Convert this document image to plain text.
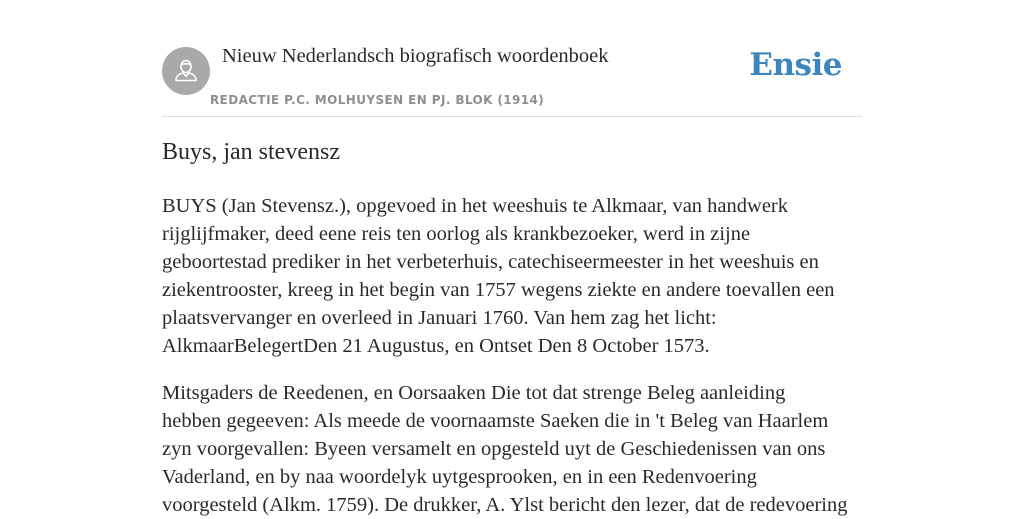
Nieuw Nederlandsch biografisch woordenboek
REDACTIE P.C. MOLHUYSEN EN PJ. BLOK (1914)
Ensie
Buys, jan stevensz

BUYS (Jan Stevensz.), opgevoed in het weeshuis te Alkmaar, van handwerk
rijglijfmaker, deed eene reis ten oorlog als krankbezoeker, werd in zijne
geboortestad prediker in het verbeterhuis, catechiseermeester in het weeshuis en
ziekentrooster, kreeg in het begin van 1757 wegens ziekte en andere toevallen een
plaatsvervanger en overleed in Januari 1760. Van hem zag het licht:
AlkmaarBelegertDen 21 Augustus, en Ontset Den 8 October 1573.

Mitsgaders de Reedenen, en Oorsaaken Die tot dat strenge Beleg aanleiding
hebben gegeeven: Als meede de voornaamste Saeken die in 't Beleg van Haarlem
zyn voorgevallen: Byeen versamelt en opgesteld uyt de Geschiedenissen van ons
Vaderland, en by naa woordelyk uytgesprooken, en in een Redenvoering
voorgesteld (Alkm. 1759). De drukker, A. Ylst bericht den lezer, dat de redevoering
